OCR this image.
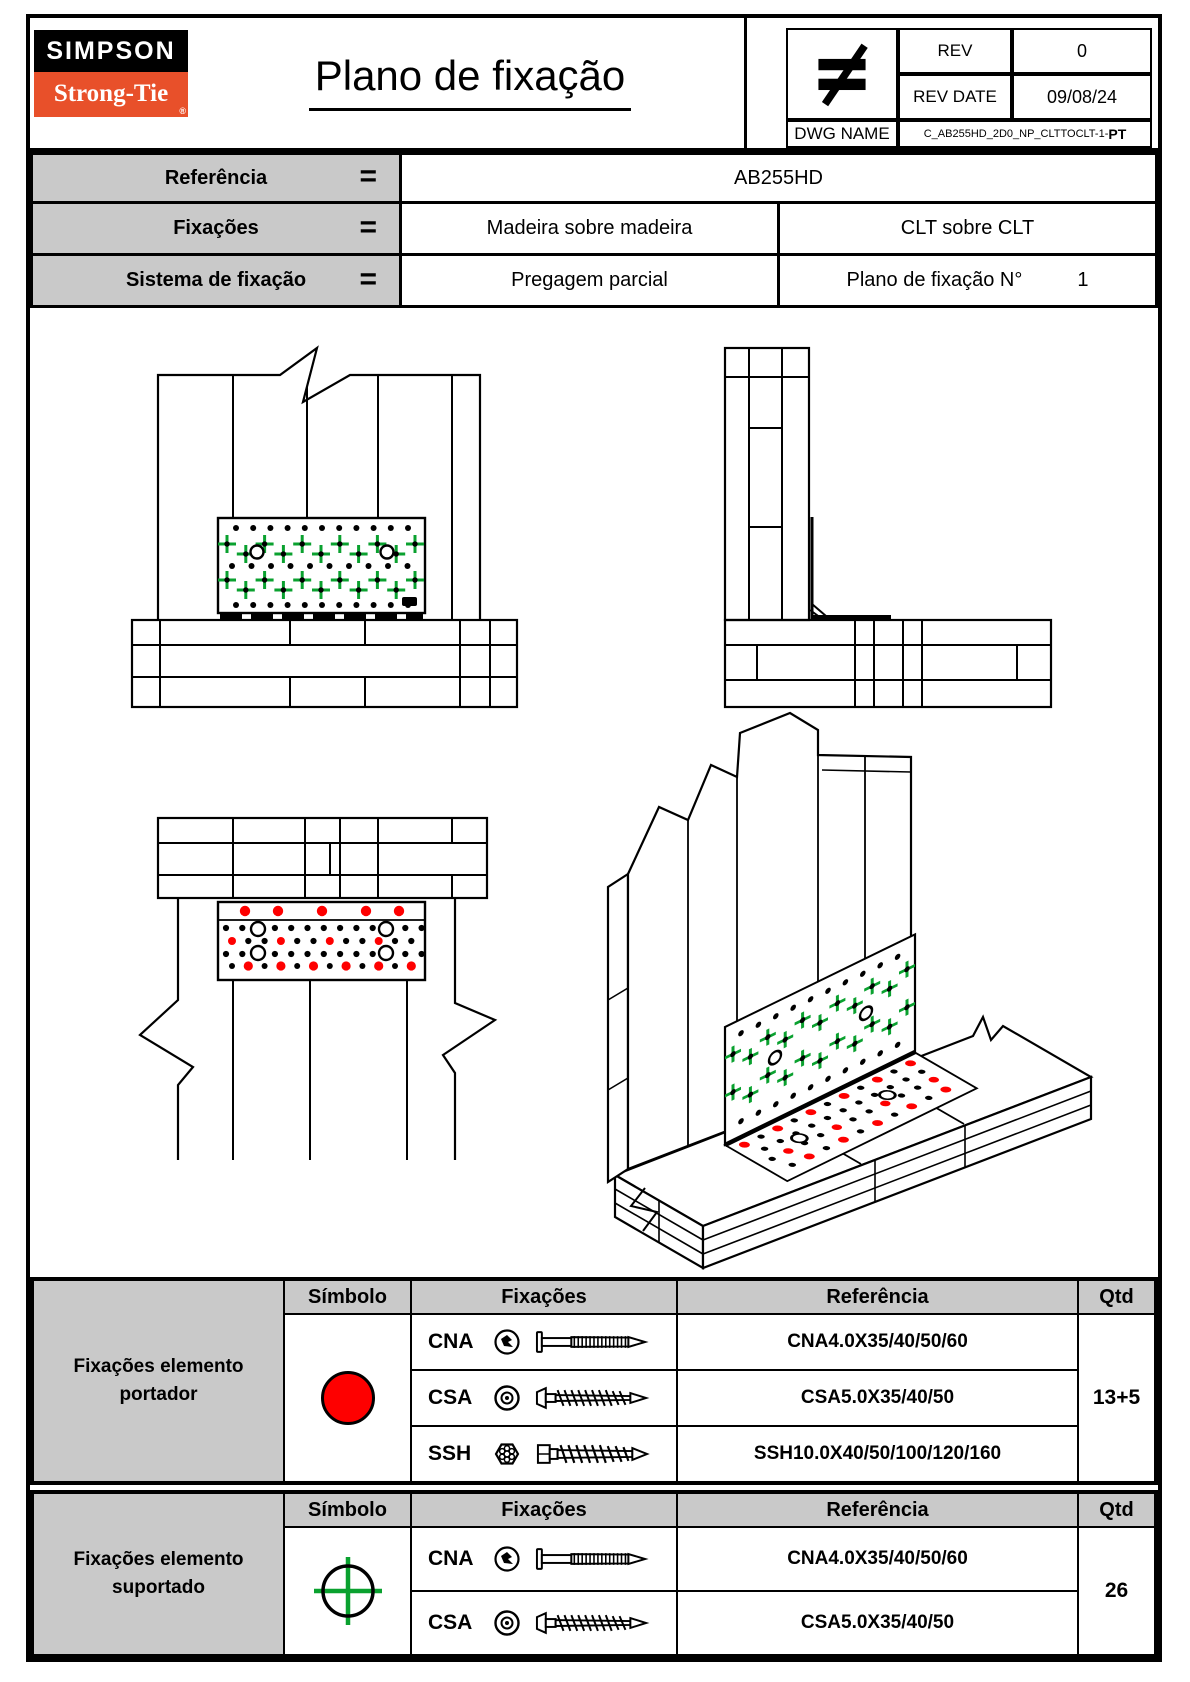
SIMPSON
Strong-Tie
®
Plano de fixação
REV	0
REV DATE	09/08/24
DWG NAME	C_AB255HD_2D0_NP_CLTTOCLT-1- PT
Referência	=	AB255HD
Fixações	=	Madeira sobre madeira	CLT sobre CLT
Sistema de fixação =	Pregagem parcial	Plano de fixação N°	1
Fixações elemento portador
Símbolo	Fixações	Referência	Qtd
CNA	CNA4.0X35/40/50/60
CSA	CSA5.0X35/40/50
SSH	SSH10.0X40/50/100/120/160
13+5
Fixações elemento suportado
Símbolo	Fixações	Referência	Qtd
CNA	CNA4.0X35/40/50/60
CSA	CSA5.0X35/40/50
26
